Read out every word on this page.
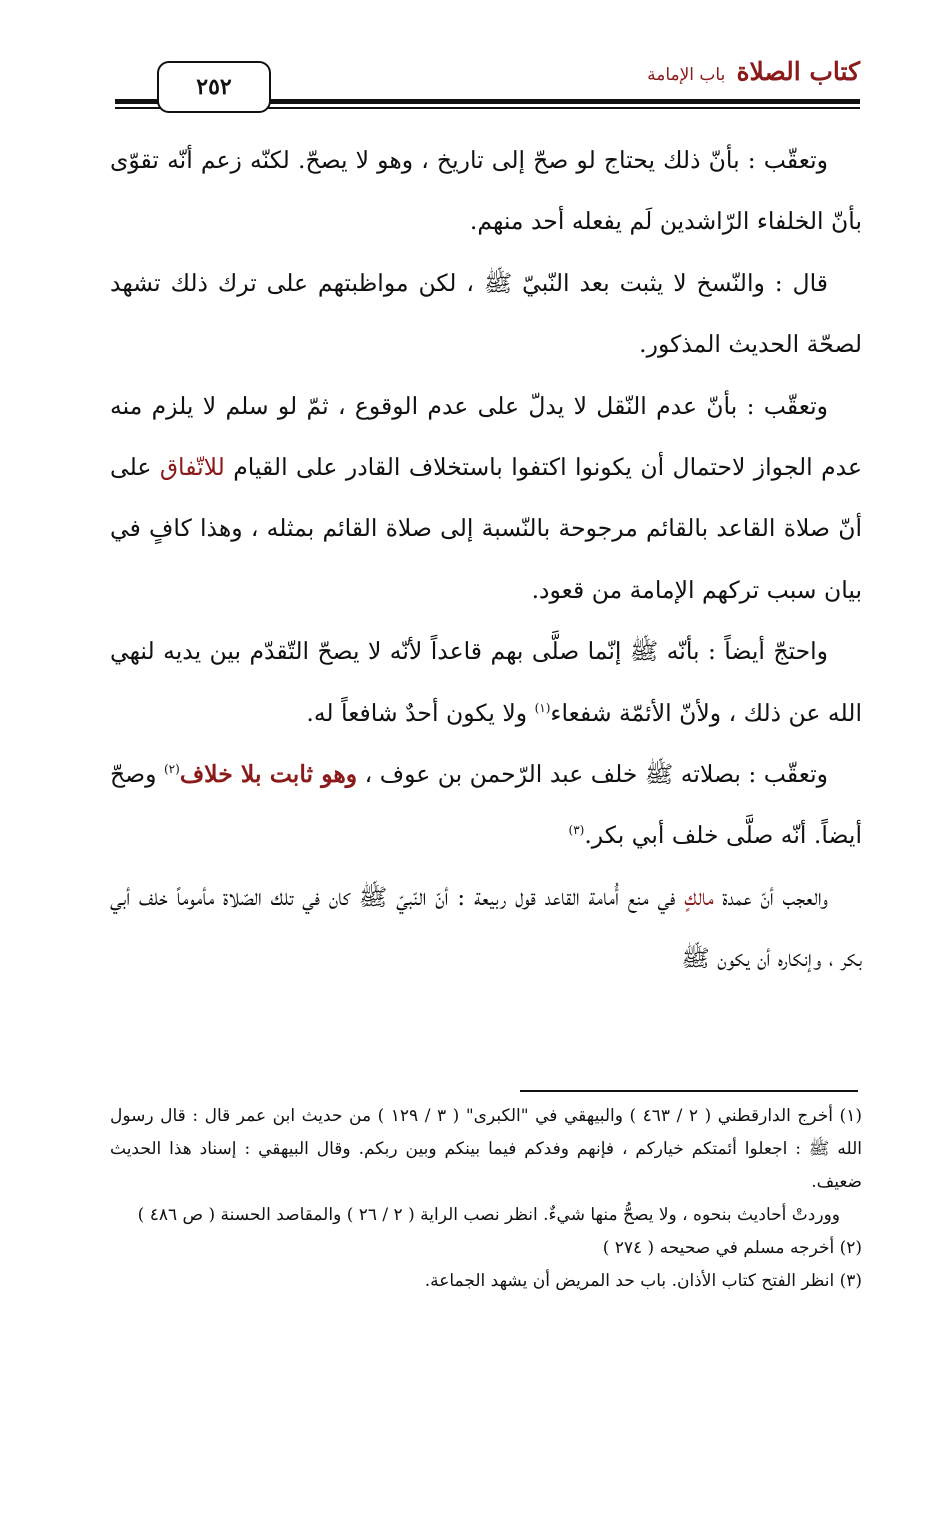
كتاب الصلاة باب الإمامة
٢٥٢

وتعقّب : بأنّ ذلك يحتاج لو صحّ إلى تاريخ ، وهو لا يصحّ. لكنّه زعم أنّه تقوّى بأنّ الخلفاء الرّاشدين لَم يفعله أحد منهم.

قال : والنّسخ لا يثبت بعد النّبيّ ﷺ ، لكن مواظبتهم على ترك ذلك تشهد لصحّة الحديث المذكور.

وتعقّب : بأنّ عدم النّقل لا يدلّ على عدم الوقوع ، ثمّ لو سلم لا يلزم منه عدم الجواز لاحتمال أن يكونوا اكتفوا باستخلاف القادر على القيام للاتّفاق على أنّ صلاة القاعد بالقائم مرجوحة بالنّسبة إلى صلاة القائم بمثله ، وهذا كافٍ في بيان سبب تركهم الإمامة من قعود.

واحتجّ أيضاً : بأنّه ﷺ إنّما صلَّى بهم قاعداً لأنّه لا يصحّ التّقدّم بين يديه لنهي الله عن ذلك ، ولأنّ الأئمّة شفعاء$^{(١)}$ ولا يكون أحدٌ شافعاً له.

وتعقّب : بصلاته ﷺ خلف عبد الرّحمن بن عوف ، وهو ثابت بلا خلاف$^{(٢)}$ وصحّ أيضاً. أنّه صلَّى خلف أبي بكر.$^{(٣)}$

والعجب أنّ عمدة مالكٍ في منع أُمامة القاعد قول ربيعة : أنّ النّبيّ ﷺ كان في تلك الصّلاة مأموماً خلف أبي بكر ، وإنكاره أن يكون ﷺ

(١) أخرج الدارقطني ( ٢ / ٤٦٣ ) والبيهقي في "الكبرى" ( ٣ / ١٢٩ ) من حديث ابن عمر قال : قال رسول الله ﷺ : اجعلوا أئمتكم خياركم ، فإنهم وفدكم فيما بينكم وبين ربكم. وقال البيهقي : إسناد هذا الحديث ضعيف.

ووردتْ أحاديث بنحوه ، ولا يصحُّ منها شيءٌ. انظر نصب الراية ( ٢ / ٢٦ ) والمقاصد الحسنة ( ص ٤٨٦ )

(٢) أخرجه مسلم في صحيحه ( ٢٧٤ )

(٣) انظر الفتح كتاب الأذان. باب حد المريض أن يشهد الجماعة.
